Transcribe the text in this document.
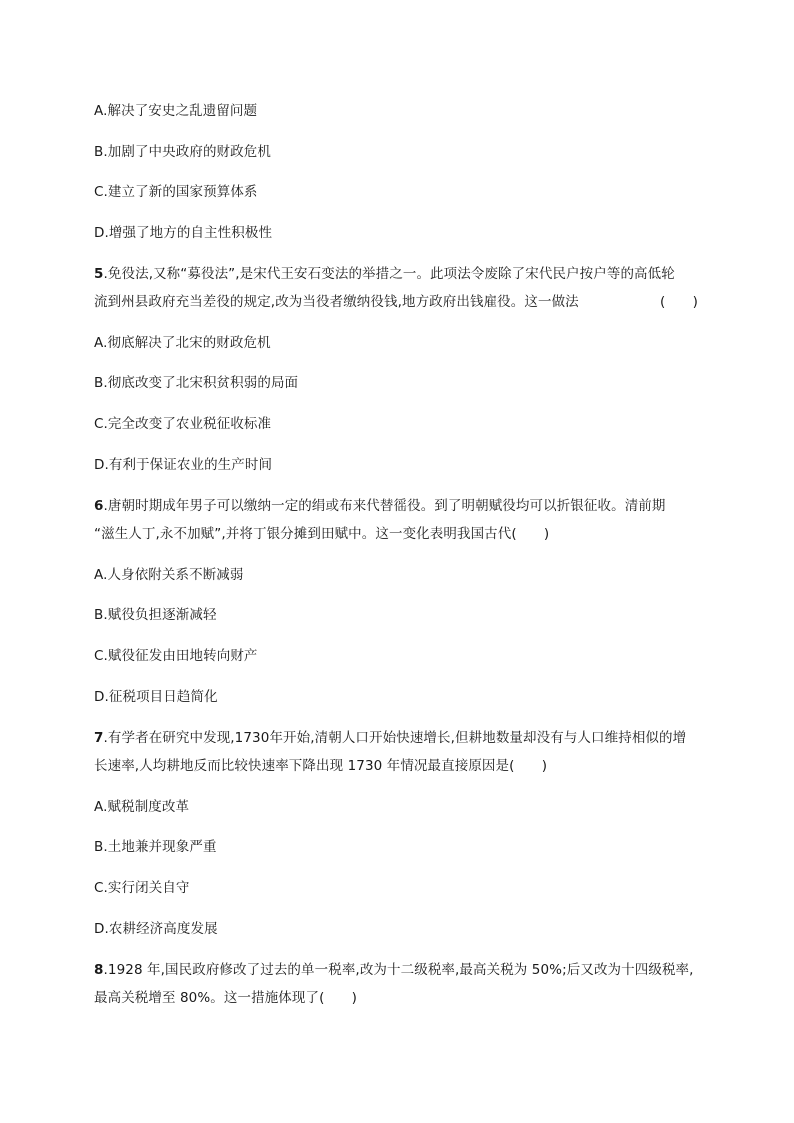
A.解决了安史之乱遗留问题
B.加剧了中央政府的财政危机
C.建立了新的国家预算体系
D.增强了地方的自主性积极性
5.免役法,又称“募役法”,是宋代王安石变法的举措之一。此项法令废除了宋代民户按户等的高低轮
流到州县政府充当差役的规定,改为当役者缴纳役钱,地方政府出钱雇役。这一做法	(　　)
A.彻底解决了北宋的财政危机
B.彻底改变了北宋积贫积弱的局面
C.完全改变了农业税征收标准
D.有利于保证农业的生产时间
6.唐朝时期成年男子可以缴纳一定的绢或布来代替徭役。到了明朝赋役均可以折银征收。清前期
“滋生人丁,永不加赋”,并将丁银分摊到田赋中。这一变化表明我国古代(　　)
A.人身依附关系不断减弱
B.赋役负担逐渐减轻
C.赋役征发由田地转向财产
D.征税项目日趋简化
7.有学者在研究中发现,1730年开始,清朝人口开始快速增长,但耕地数量却没有与人口维持相似的增
长速率,人均耕地反而比较快速率下降出现 1730 年情况最直接原因是(　　)
A.赋税制度改革
B.土地兼并现象严重
C.实行闭关自守
D.农耕经济高度发展
8.1928 年,国民政府修改了过去的单一税率,改为十二级税率,最高关税为 50%;后又改为十四级税率,
最高关税增至 80%。这一措施体现了(　　)
